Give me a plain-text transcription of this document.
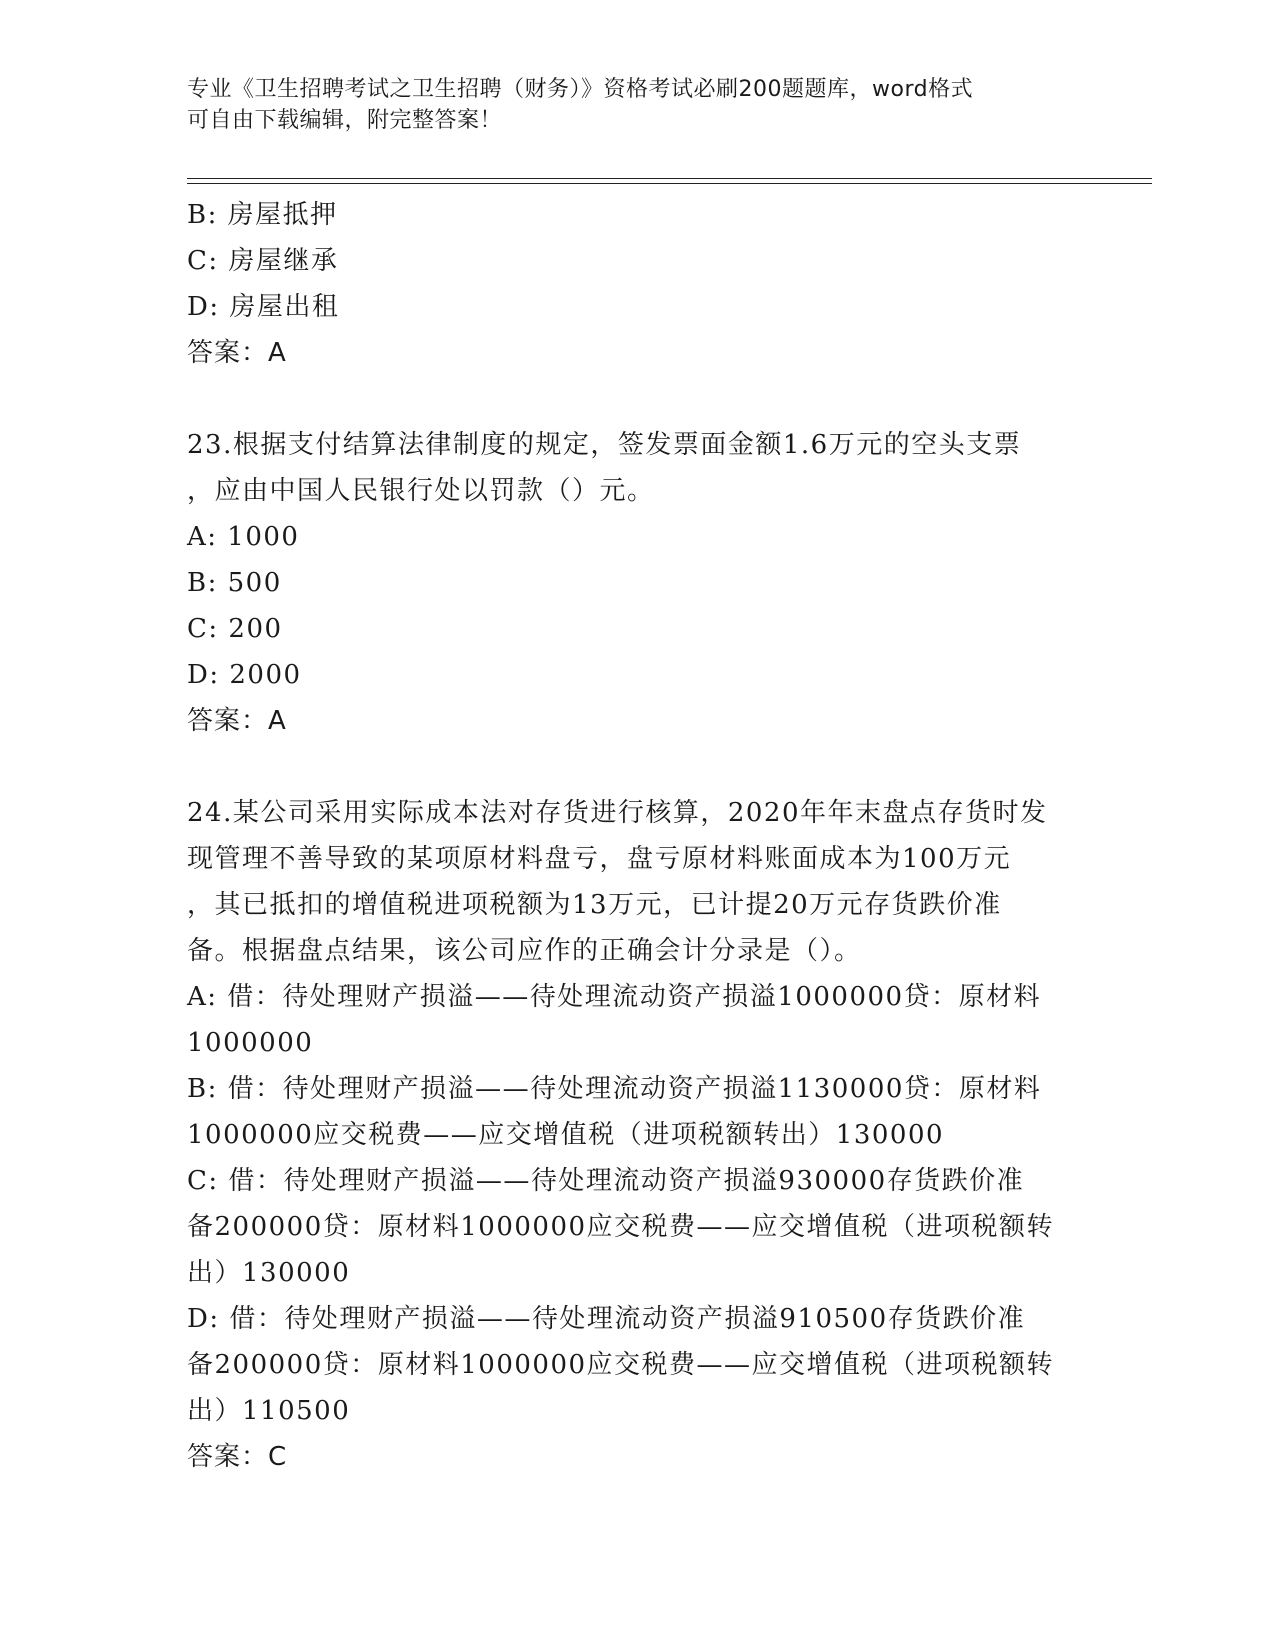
专业《卫生招聘考试之卫生招聘（财务）》资格考试必刷200题题库，word格式
可自由下载编辑，附完整答案！
B: 房屋抵押
C: 房屋继承
D: 房屋出租
答案：A
23.根据支付结算法律制度的规定，签发票面金额1.6万元的空头支票
，应由中国人民银行处以罚款（）元。
A: 1000
B: 500
C: 200
D: 2000
答案：A
24.某公司采用实际成本法对存货进行核算，2020年年末盘点存货时发
现管理不善导致的某项原材料盘亏，盘亏原材料账面成本为100万元
，其已抵扣的增值税进项税额为13万元，已计提20万元存货跌价准
备。根据盘点结果，该公司应作的正确会计分录是（）。
A: 借：待处理财产损溢——待处理流动资产损溢1000000贷：原材料
1000000
B: 借：待处理财产损溢——待处理流动资产损溢1130000贷：原材料
1000000应交税费——应交增值税（进项税额转出）130000
C: 借：待处理财产损溢——待处理流动资产损溢930000存货跌价准
备200000贷：原材料1000000应交税费——应交增值税（进项税额转
出）130000
D: 借：待处理财产损溢——待处理流动资产损溢910500存货跌价准
备200000贷：原材料1000000应交税费——应交增值税（进项税额转
出）110500
答案：C
